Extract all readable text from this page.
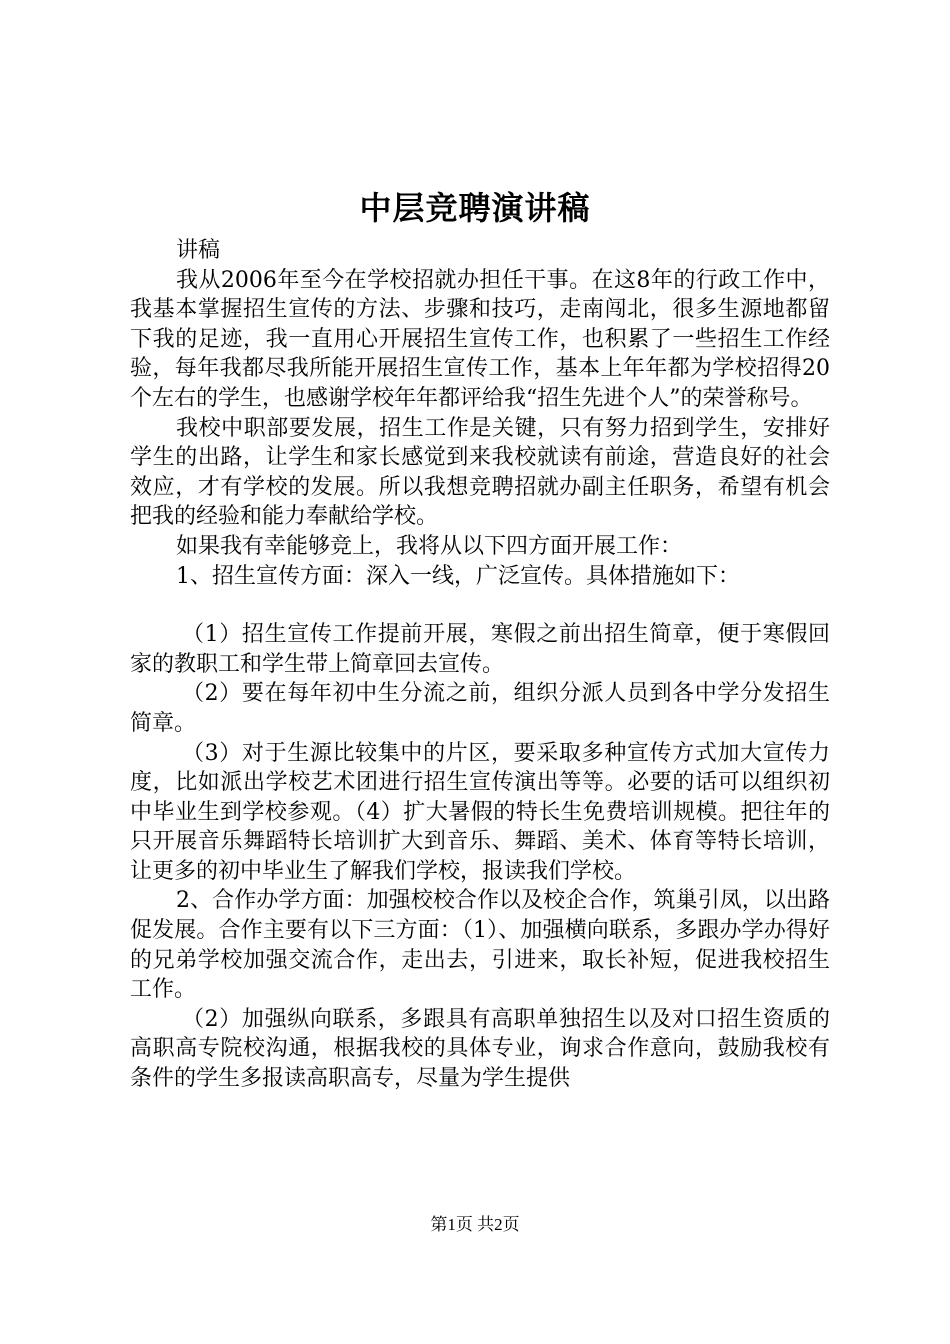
中层竞聘演讲稿

讲稿

我从2006年至今在学校招就办担任干事。在这8年的行政工作中，我基本掌握招生宣传的方法、步骤和技巧，走南闯北，很多生源地都留下我的足迹，我一直用心开展招生宣传工作，也积累了一些招生工作经验，每年我都尽我所能开展招生宣传工作，基本上年年都为学校招得20个左右的学生，也感谢学校年年都评给我“招生先进个人”的荣誉称号。

我校中职部要发展，招生工作是关键，只有努力招到学生，安排好学生的出路，让学生和家长感觉到来我校就读有前途，营造良好的社会效应，才有学校的发展。所以我想竞聘招就办副主任职务，希望有机会把我的经验和能力奉献给学校。

如果我有幸能够竞上，我将从以下四方面开展工作：

1、招生宣传方面：深入一线，广泛宣传。具体措施如下：

（1）招生宣传工作提前开展，寒假之前出招生简章，便于寒假回家的教职工和学生带上简章回去宣传。

（2）要在每年初中生分流之前，组织分派人员到各中学分发招生简章。

（3）对于生源比较集中的片区，要采取多种宣传方式加大宣传力度，比如派出学校艺术团进行招生宣传演出等等。必要的话可以组织初中毕业生到学校参观。（4）扩大暑假的特长生免费培训规模。把往年的只开展音乐舞蹈特长培训扩大到音乐、舞蹈、美术、体育等特长培训，让更多的初中毕业生了解我们学校，报读我们学校。

2、合作办学方面：加强校校合作以及校企合作，筑巢引凤，以出路促发展。合作主要有以下三方面：（1）、加强横向联系，多跟办学办得好的兄弟学校加强交流合作，走出去，引进来，取长补短，促进我校招生工作。

（2）加强纵向联系，多跟具有高职单独招生以及对口招生资质的高职高专院校沟通，根据我校的具体专业，询求合作意向，鼓励我校有条件的学生多报读高职高专，尽量为学生提供

第1页 共2页
